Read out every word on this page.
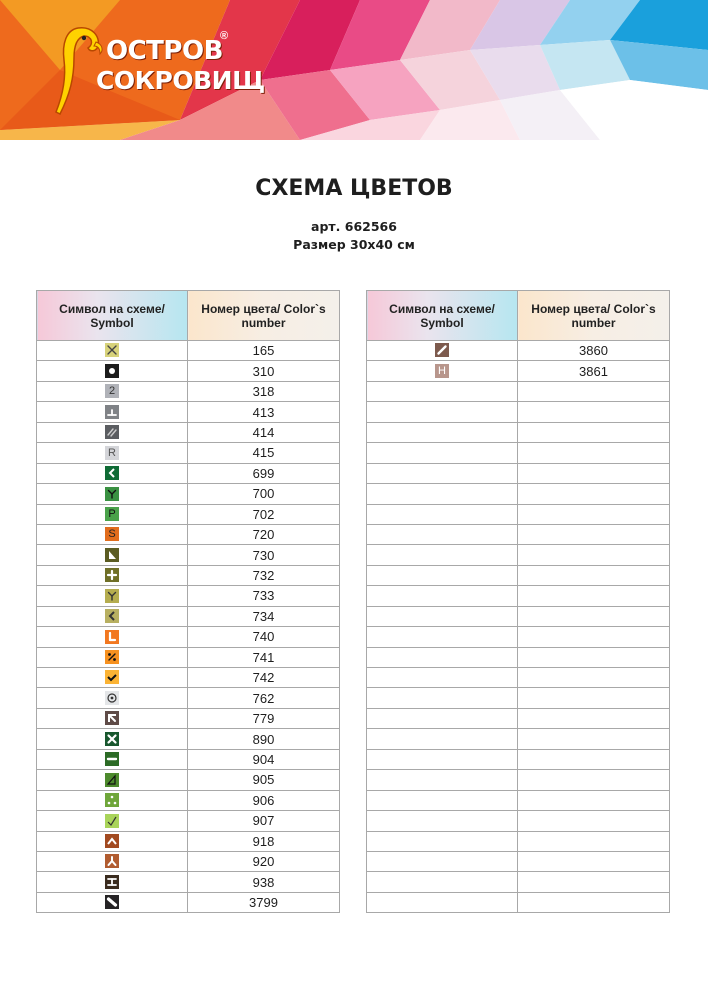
ОСТРОВ
®
СОКРОВИЩ
СХЕМА ЦВЕТОВ
арт. 662566
Размер 30х40 см
Символ на схеме/ Symbol	Номер цвета/ Color`s number

	165

	310
2	318

	413

	414
R	415

	699

	700
P	702
S	720

	730

	732

	733

	734

	740

	741

	742

	762

	779

	890

	904

	905

	906

	907

	918

	920

	938

	3799
Символ на схеме/ Symbol	Номер цвета/ Color`s number

	3860
H	3861
